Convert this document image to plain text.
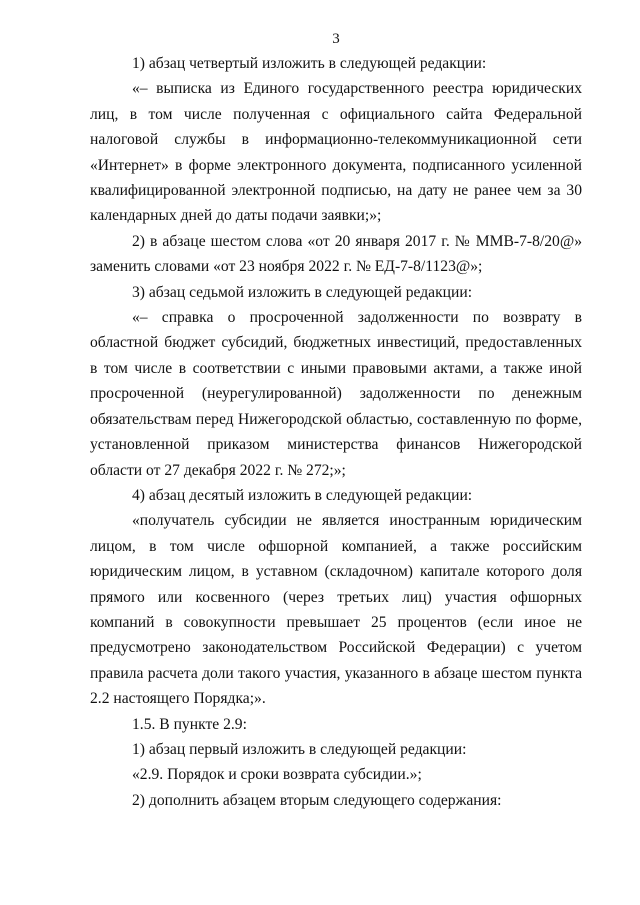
3

1) абзац четвертый изложить в следующей редакции:

«– выписка из Единого государственного реестра юридических лиц, в том числе полученная с официального сайта Федеральной налоговой службы в информационно-телекоммуникационной сети «Интернет» в форме электронного документа, подписанного усиленной квалифицированной электронной подписью, на дату не ранее чем за 30 календарных дней до даты подачи заявки;»;

2) в абзаце шестом слова «от 20 января 2017 г. № ММВ-7-8/20@» заменить словами «от 23 ноября 2022 г. № ЕД-7-8/1123@»;

3) абзац седьмой изложить в следующей редакции:

«– справка о просроченной задолженности по возврату в областной бюджет субсидий, бюджетных инвестиций, предоставленных в том числе в соответствии с иными правовыми актами, а также иной просроченной (неурегулированной) задолженности по денежным обязательствам перед Нижегородской областью, составленную по форме, установленной приказом министерства финансов Нижегородской области от 27 декабря 2022 г. № 272;»;

4) абзац десятый изложить в следующей редакции:

«получатель субсидии не является иностранным юридическим лицом, в том числе офшорной компанией, а также российским юридическим лицом, в уставном (складочном) капитале которого доля прямого или косвенного (через третьих лиц) участия офшорных компаний в совокупности превышает 25 процентов (если иное не предусмотрено законодательством Российской Федерации) с учетом правила расчета доли такого участия, указанного в абзаце шестом пункта 2.2 настоящего Порядка;».

1.5. В пункте 2.9:

1) абзац первый изложить в следующей редакции:

«2.9. Порядок и сроки возврата субсидии.»;

2) дополнить абзацем вторым следующего содержания:
